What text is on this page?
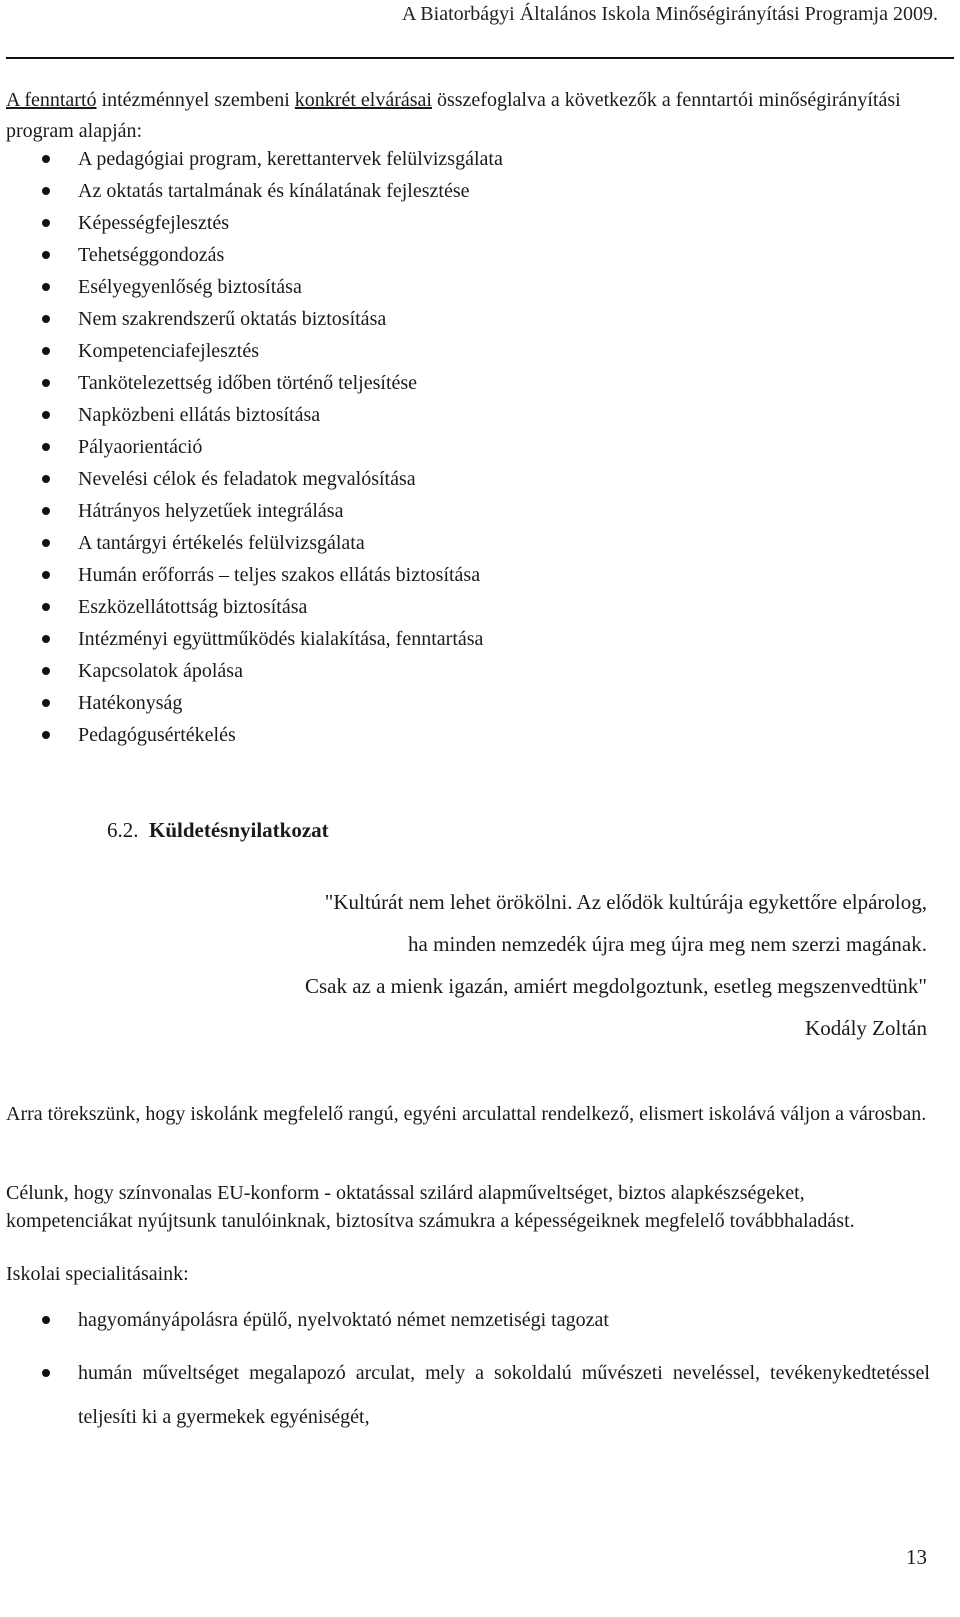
A Biatorbágyi Általános Iskola Minőségirányítási Programja 2009.
A fenntartó intézménnyel szembeni konkrét elvárásai összefoglalva a következők a fenntartói minőségirányítási program alapján:
A pedagógiai program, kerettantervek felülvizsgálata
Az oktatás tartalmának és kínálatának fejlesztése
Képességfejlesztés
Tehetséggondozás
Esélyegyenlőség biztosítása
Nem szakrendszerű oktatás biztosítása
Kompetenciafejlesztés
Tankötelezettség időben történő teljesítése
Napközbeni ellátás biztosítása
Pályaorientáció
Nevelési célok és feladatok megvalósítása
Hátrányos helyzetűek integrálása
A tantárgyi értékelés felülvizsgálata
Humán erőforrás – teljes szakos ellátás biztosítása
Eszközellátottság biztosítása
Intézményi együttműködés kialakítása, fenntartása
Kapcsolatok ápolása
Hatékonyság
Pedagógusértékelés
6.2. Küldetésnyilatkozat
"Kultúrát nem lehet örökölni. Az elődök kultúrája egykettőre elpárolog,
ha minden nemzedék újra meg újra meg nem szerzi magának.
Csak az a mienk igazán, amiért megdolgoztunk, esetleg megszenvedtünk"
Kodály Zoltán
Arra törekszünk, hogy iskolánk megfelelő rangú, egyéni arculattal rendelkező, elismert iskolává váljon a városban.
Célunk, hogy színvonalas EU-konform - oktatással szilárd alapműveltséget, biztos alapkészségeket, kompetenciákat nyújtsunk tanulóinknak, biztosítva számukra a képességeiknek megfelelő továbbhaladást.
Iskolai specialitásaink:
hagyományápolásra épülő, nyelvoktató német nemzetiségi tagozat
humán műveltséget megalapozó arculat, mely a sokoldalú művészeti neveléssel, tevékenykedtetéssel teljesíti ki a gyermekek egyéniségét,
13
